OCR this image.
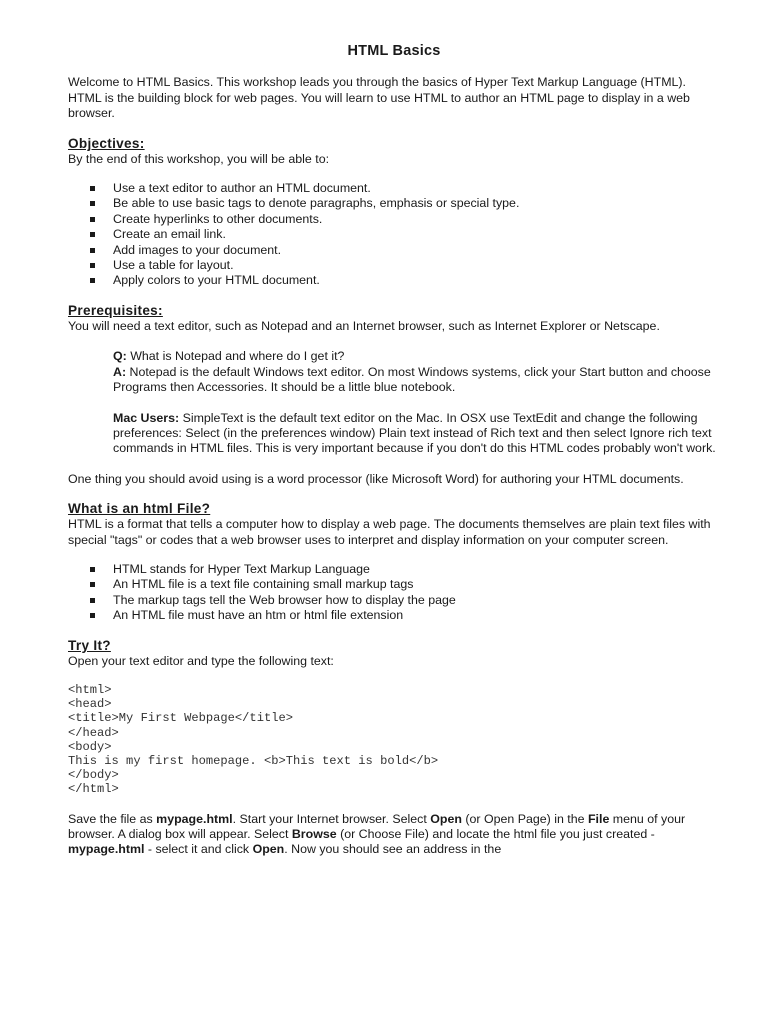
HTML Basics

Welcome to HTML Basics. This workshop leads you through the basics of Hyper Text Markup Language (HTML). HTML is the building block for web pages. You will learn to use HTML to author an HTML page to display in a web browser.

Objectives:

By the end of this workshop, you will be able to:

Use a text editor to author an HTML document.
Be able to use basic tags to denote paragraphs, emphasis or special type.
Create hyperlinks to other documents.
Create an email link.
Add images to your document.
Use a table for layout.
Apply colors to your HTML document.
Prerequisites:

You will need a text editor, such as Notepad and an Internet browser, such as Internet Explorer or Netscape.

Q: What is Notepad and where do I get it?

A: Notepad is the default Windows text editor. On most Windows systems, click your Start button and choose Programs then Accessories. It should be a little blue notebook.

Mac Users: SimpleText is the default text editor on the Mac. In OSX use TextEdit and change the following preferences: Select (in the preferences window) Plain text instead of Rich text and then select Ignore rich text commands in HTML files. This is very important because if you don't do this HTML codes probably won't work.

One thing you should avoid using is a word processor (like Microsoft Word) for authoring your HTML documents.

What is an html File?

HTML is a format that tells a computer how to display a web page. The documents themselves are plain text files with special "tags" or codes that a web browser uses to interpret and display information on your computer screen.

HTML stands for Hyper Text Markup Language
An HTML file is a text file containing small markup tags
The markup tags tell the Web browser how to display the page
An HTML file must have an htm or html file extension
Try It?

Open your text editor and type the following text:

<html>
<head>
<title>My First Webpage</title>
</head>
<body>
This is my first homepage. <b>This text is bold</b>
</body>
</html>

Save the file as mypage.html. Start your Internet browser. Select Open (or Open Page) in the File menu of your browser. A dialog box will appear. Select Browse (or Choose File) and locate the html file you just created - mypage.html - select it and click Open. Now you should see an address in the
